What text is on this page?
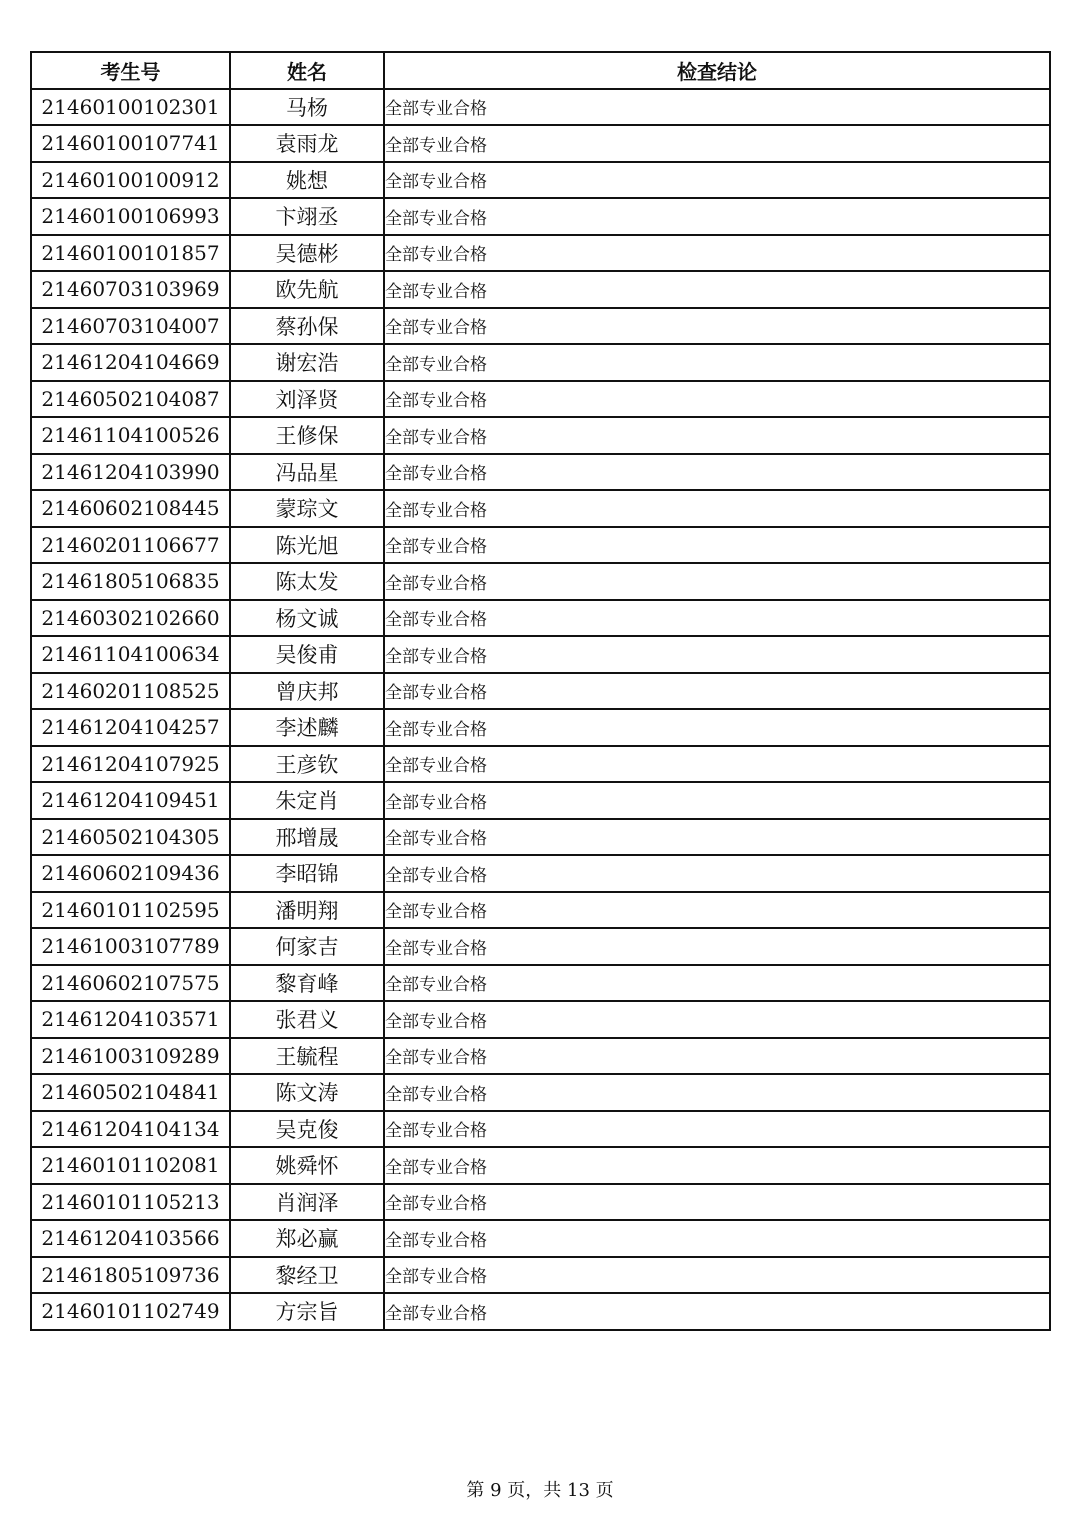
考生号	姓名	检查结论
21460100102301	马杨	全部专业合格
21460100107741	袁雨龙	全部专业合格
21460100100912	姚想	全部专业合格
21460100106993	卞翊丞	全部专业合格
21460100101857	吴德彬	全部专业合格
21460703103969	欧先航	全部专业合格
21460703104007	蔡孙保	全部专业合格
21461204104669	谢宏浩	全部专业合格
21460502104087	刘泽贤	全部专业合格
21461104100526	王修保	全部专业合格
21461204103990	冯品星	全部专业合格
21460602108445	蒙琮文	全部专业合格
21460201106677	陈光旭	全部专业合格
21461805106835	陈太发	全部专业合格
21460302102660	杨文诚	全部专业合格
21461104100634	吴俊甫	全部专业合格
21460201108525	曾庆邦	全部专业合格
21461204104257	李述麟	全部专业合格
21461204107925	王彦钦	全部专业合格
21461204109451	朱定肖	全部专业合格
21460502104305	邢增晟	全部专业合格
21460602109436	李昭锦	全部专业合格
21460101102595	潘明翔	全部专业合格
21461003107789	何家吉	全部专业合格
21460602107575	黎育峰	全部专业合格
21461204103571	张君义	全部专业合格
21461003109289	王毓程	全部专业合格
21460502104841	陈文涛	全部专业合格
21461204104134	吴克俊	全部专业合格
21460101102081	姚舜怀	全部专业合格
21460101105213	肖润泽	全部专业合格
21461204103566	郑必赢	全部专业合格
21461805109736	黎经卫	全部专业合格
21460101102749	方宗旨	全部专业合格
第 9 页，共 13 页
